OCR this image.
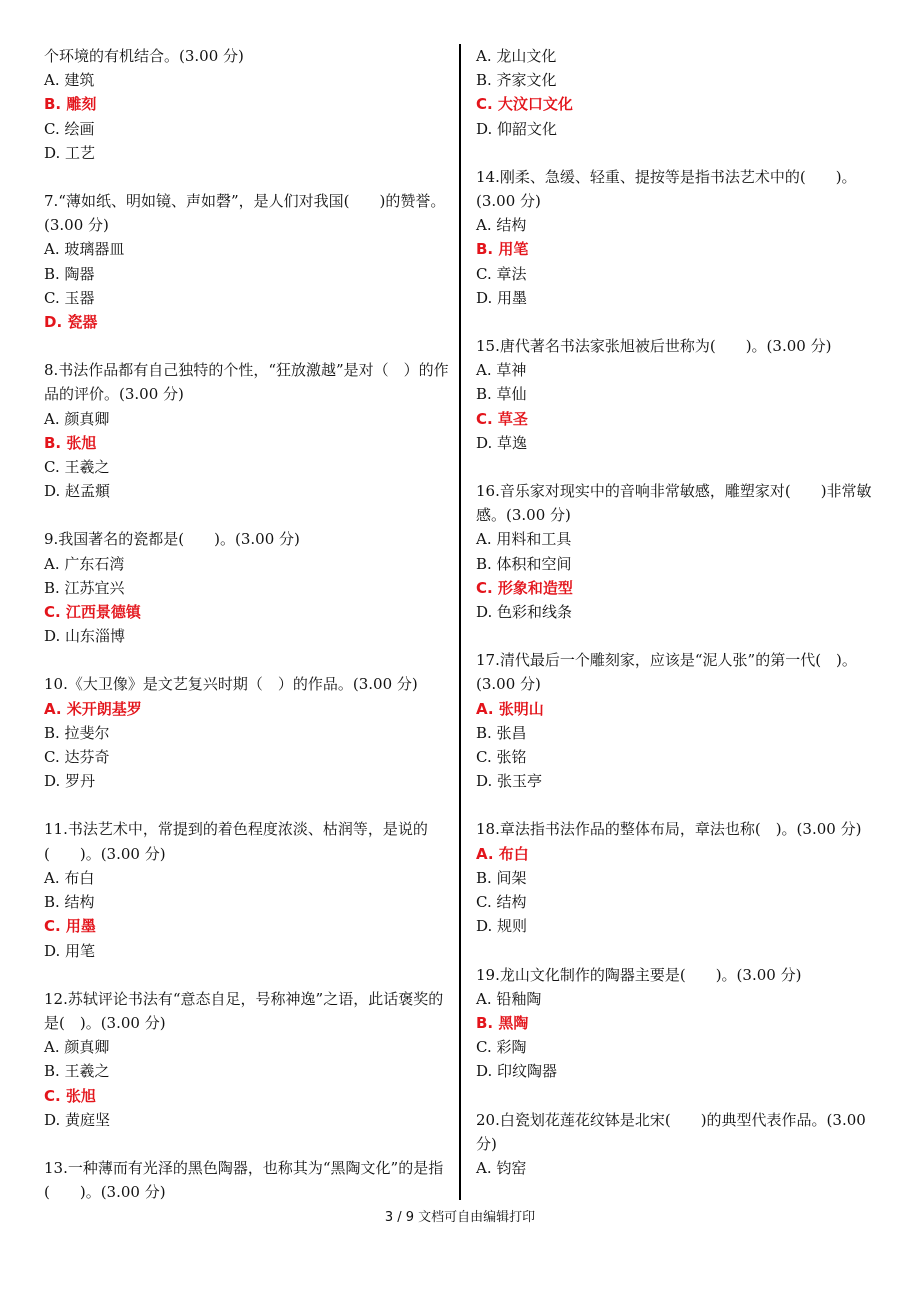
个环境的有机结合。(3.00 分)
A. 建筑
B. 雕刻
C. 绘画
D. 工艺
7.“薄如纸、明如镜、声如磬”，是人们对我国(　　)的赞誉。(3.00 分)
A. 玻璃器皿
B. 陶器
C. 玉器
D. 瓷器
8.书法作品都有自己独特的个性，“狂放激越”是对（　）的作品的评价。(3.00 分)
A. 颜真卿
B. 张旭
C. 王羲之
D. 赵孟頫
9.我国著名的瓷都是(　　)。(3.00 分)
A. 广东石湾
B. 江苏宜兴
C. 江西景德镇
D. 山东淄博
10.《大卫像》是文艺复兴时期（　）的作品。(3.00 分)
A. 米开朗基罗
B. 拉斐尔
C. 达芬奇
D. 罗丹
11.书法艺术中，常提到的着色程度浓淡、枯润等，是说的(　　)。(3.00 分)
A. 布白
B. 结构
C. 用墨
D. 用笔
12.苏轼评论书法有“意态自足，号称神逸”之语，此话褒奖的是(　)。(3.00 分)
A. 颜真卿
B. 王羲之
C. 张旭
D. 黄庭坚
13.一种薄而有光泽的黑色陶器，也称其为“黑陶文化”的是指(　　)。(3.00 分)
A. 龙山文化
B. 齐家文化
C. 大汶口文化
D. 仰韶文化
14.刚柔、急缓、轻重、提按等是指书法艺术中的(　　)。(3.00 分)
A. 结构
B. 用笔
C. 章法
D. 用墨
15.唐代著名书法家张旭被后世称为(　　)。(3.00 分)
A. 草神
B. 草仙
C. 草圣
D. 草逸
16.音乐家对现实中的音响非常敏感，雕塑家对(　　)非常敏感。(3.00 分)
A. 用料和工具
B. 体积和空间
C. 形象和造型
D. 色彩和线条
17.清代最后一个雕刻家，应该是“泥人张”的第一代(　)。(3.00 分)
A. 张明山
B. 张昌
C. 张铭
D. 张玉亭
18.章法指书法作品的整体布局，章法也称(　)。(3.00 分)
A. 布白
B. 间架
C. 结构
D. 规则
19.龙山文化制作的陶器主要是(　　)。(3.00 分)
A. 铅釉陶
B. 黑陶
C. 彩陶
D. 印纹陶器
20.白瓷划花莲花纹钵是北宋(　　)的典型代表作品。(3.00 分)
A. 钧窑
3 / 9 文档可自由编辑打印
